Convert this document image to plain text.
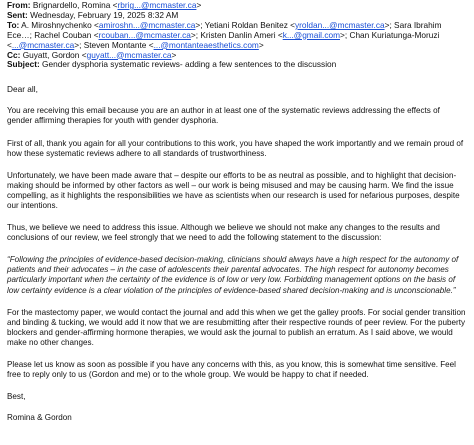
From: Brignardello, Romina <rbrig...@mcmaster.ca>
Sent: Wednesday, February 19, 2025 8:32 AM
To: A. Miroshnychenko <amiroshn...@mcmaster.ca>; Yetiani Roldan Benitez <yroldan...@mcmaster.ca>; Sara Ibrahim Ece…; Rachel Couban <rcouban...@mcmaster.ca>; Kristen Danlin Ameri <k...@gmail.com>; Chan Kuriatunga-Moruzi <...@mcmaster.ca>; Steven Montante <...@montanteaesthetics.com>
Cc: Guyatt, Gordon <guyatt...@mcmaster.ca>
Subject: Gender dysphoria systematic reviews- adding a few sentences to the discussion
Dear all,
You are receiving this email because you are an author in at least one of the systematic reviews addressing the effects of gender affirming therapies for youth with gender dysphoria.
First of all, thank you again for all your contributions to this work, you have shaped the work importantly and we remain proud of how these systematic reviews adhere to all standards of trustworthiness.
Unfortunately, we have been made aware that – despite our efforts to be as neutral as possible, and to highlight that decision-making should be informed by other factors as well – our work is being misused and may be causing harm. We find the issue compelling, as it highlights the responsibilities we have as scientists when our research is used for nefarious purposes, despite our intentions.
Thus, we believe we need to address this issue. Although we believe we should not make any changes to the results and conclusions of our review, we feel strongly that we need to add the following statement to the discussion:
“Following the principles of evidence-based decision-making, clinicians should always have a high respect for the autonomy of patients and their advocates – in the case of adolescents their parental advocates. The high respect for autonomy becomes particularly important when the certainty of the evidence is of low or very low. Forbidding management options on the basis of low certainty evidence is a clear violation of the principles of evidence-based shared decision-making and is unconscionable.”
For the mastectomy paper, we would contact the journal and add this when we get the galley proofs. For social gender transition and binding & tucking, we would add it now that we are resubmitting after their respective rounds of peer review. For the puberty blockers and gender-affirming hormone therapies, we would ask the journal to publish an erratum. As I said above, we would make no other changes.
Please let us know as soon as possible if you have any concerns with this, as you know, this is somewhat time sensitive. Feel free to reply only to us (Gordon and me) or to the whole group. We would be happy to chat if needed.
Best,
Romina & Gordon
